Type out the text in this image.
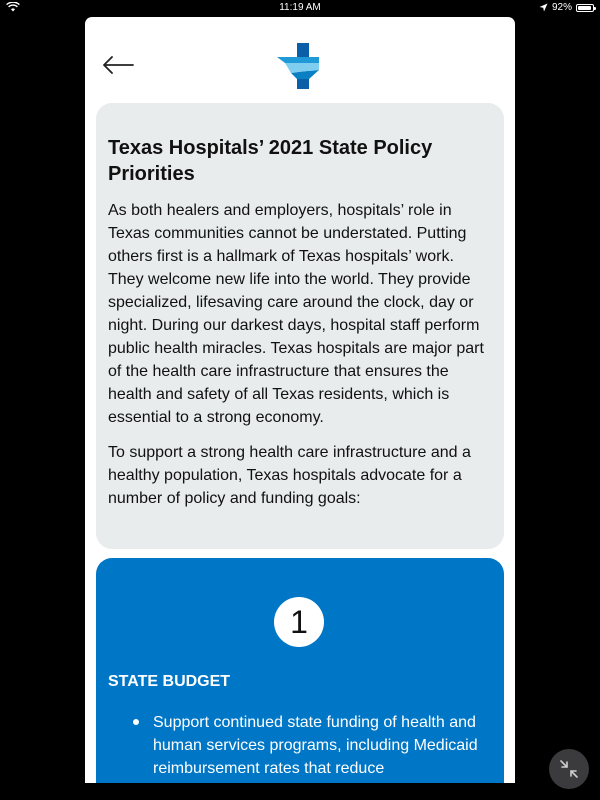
11:19 AM	92%
Texas Hospitals’ 2021 State Policy Priorities

As both healers and employers, hospitals’ role in Texas communities cannot be understated. Putting others first is a hallmark of Texas hospitals’ work. They welcome new life into the world. They provide specialized, lifesaving care around the clock, day or night. During our darkest days, hospital staff perform public health miracles. Texas hospitals are major part of the health care infrastructure that ensures the health and safety of all Texas residents, which is essential to a strong economy.

To support a strong health care infrastructure and a healthy population, Texas hospitals advocate for a number of policy and funding goals:

1
STATE BUDGET
Support continued state funding of health and human services programs, including Medicaid reimbursement rates that reduce
